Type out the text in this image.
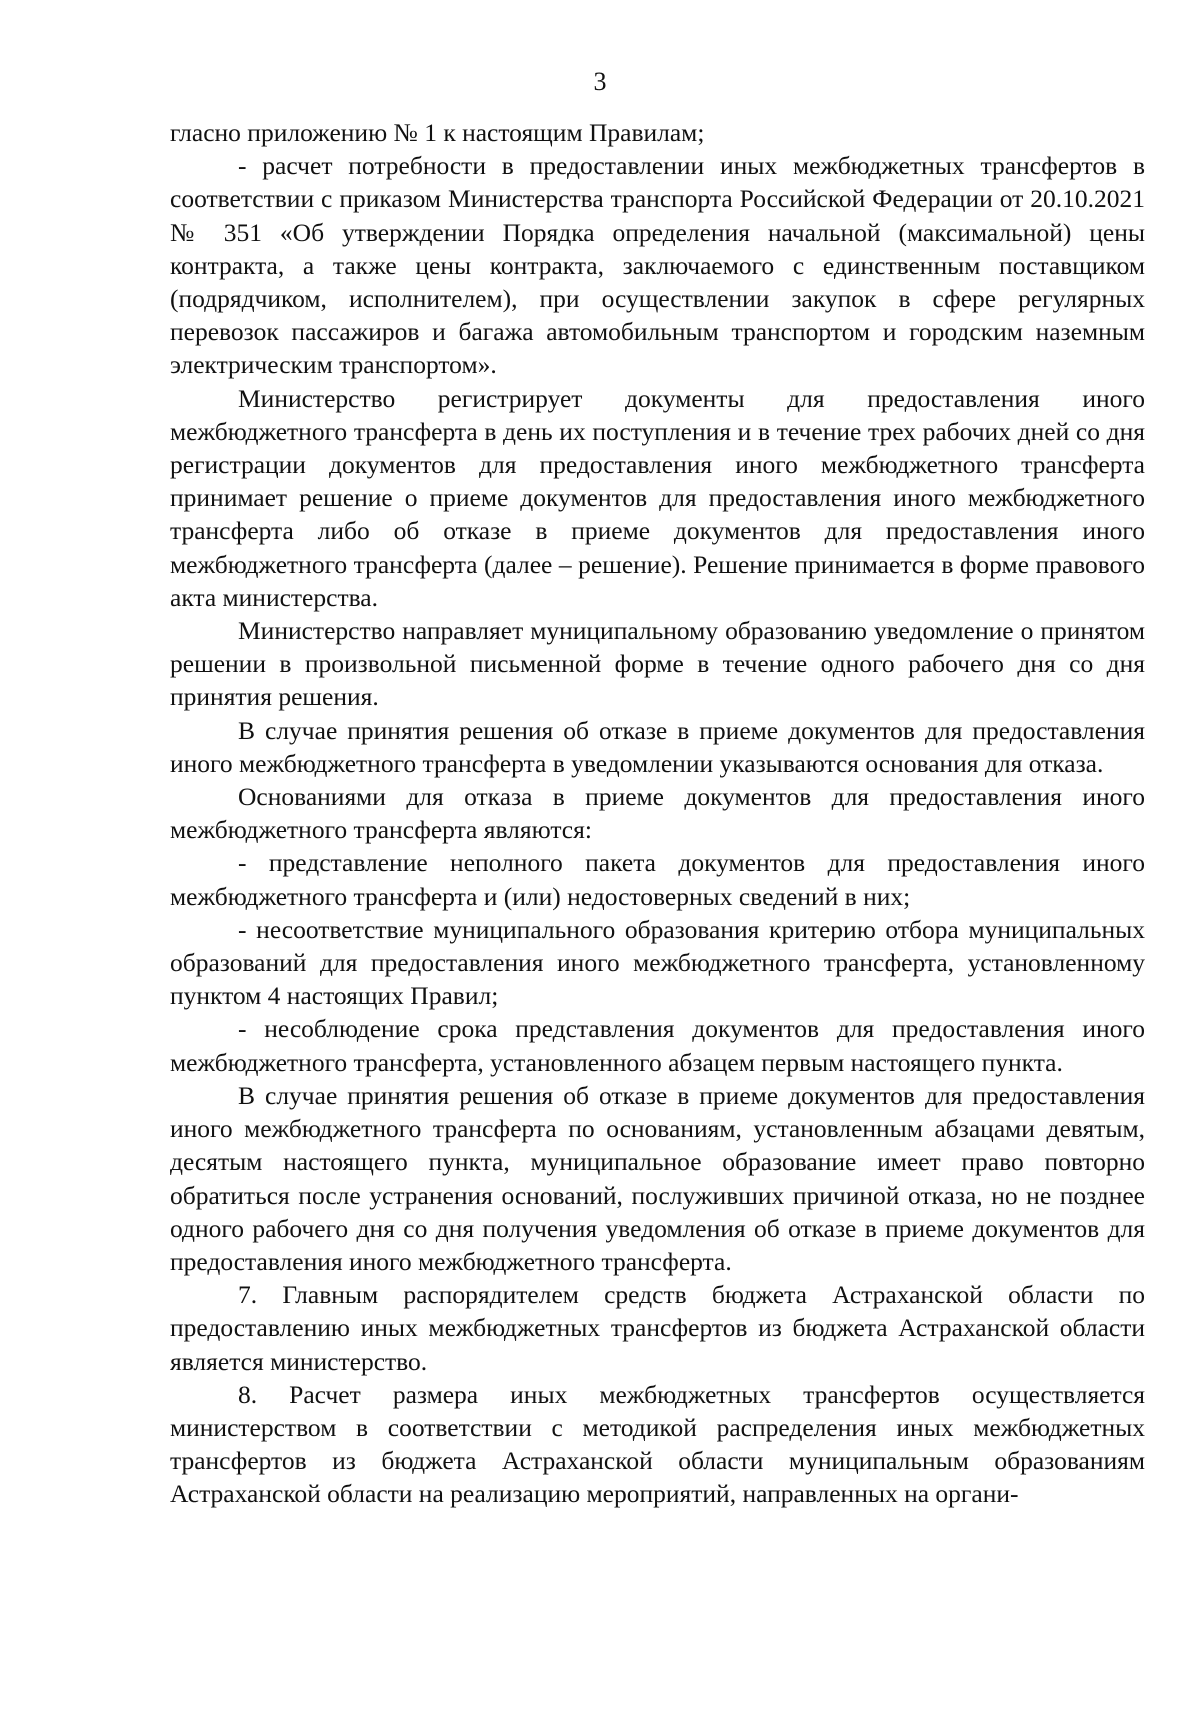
3

гласно приложению № 1 к настоящим Правилам;

- расчет потребности в предоставлении иных межбюджетных трансфертов в соответствии с приказом Министерства транспорта Российской Федерации от 20.10.2021 № 351 «Об утверждении Порядка определения начальной (максимальной) цены контракта, а также цены контракта, заключаемого с единственным поставщиком (подрядчиком, исполнителем), при осуществлении закупок в сфере регулярных перевозок пассажиров и багажа автомобильным транспортом и городским наземным электрическим транспортом».

Министерство регистрирует документы для предоставления иного межбюджетного трансферта в день их поступления и в течение трех рабочих дней со дня регистрации документов для предоставления иного межбюджетного трансферта принимает решение о приеме документов для предоставления иного межбюджетного трансферта либо об отказе в приеме документов для предоставления иного межбюджетного трансферта (далее – решение). Решение принимается в форме правового акта министерства.

Министерство направляет муниципальному образованию уведомление о принятом решении в произвольной письменной форме в течение одного рабочего дня со дня принятия решения.

В случае принятия решения об отказе в приеме документов для предоставления иного межбюджетного трансферта в уведомлении указываются основания для отказа.

Основаниями для отказа в приеме документов для предоставления иного межбюджетного трансферта являются:

- представление неполного пакета документов для предоставления иного межбюджетного трансферта и (или) недостоверных сведений в них;

- несоответствие муниципального образования критерию отбора муниципальных образований для предоставления иного межбюджетного трансферта, установленному пунктом 4 настоящих Правил;

- несоблюдение срока представления документов для предоставления иного межбюджетного трансферта, установленного абзацем первым настоящего пункта.

В случае принятия решения об отказе в приеме документов для предоставления иного межбюджетного трансферта по основаниям, установленным абзацами девятым, десятым настоящего пункта, муниципальное образование имеет право повторно обратиться после устранения оснований, послуживших причиной отказа, но не позднее одного рабочего дня со дня получения уведомления об отказе в приеме документов для предоставления иного межбюджетного трансферта.

7. Главным распорядителем средств бюджета Астраханской области по предоставлению иных межбюджетных трансфертов из бюджета Астраханской области является министерство.

8. Расчет размера иных межбюджетных трансфертов осуществляется министерством в соответствии с методикой распределения иных межбюджетных трансфертов из бюджета Астраханской области муниципальным образованиям Астраханской области на реализацию мероприятий, направленных на органи-
